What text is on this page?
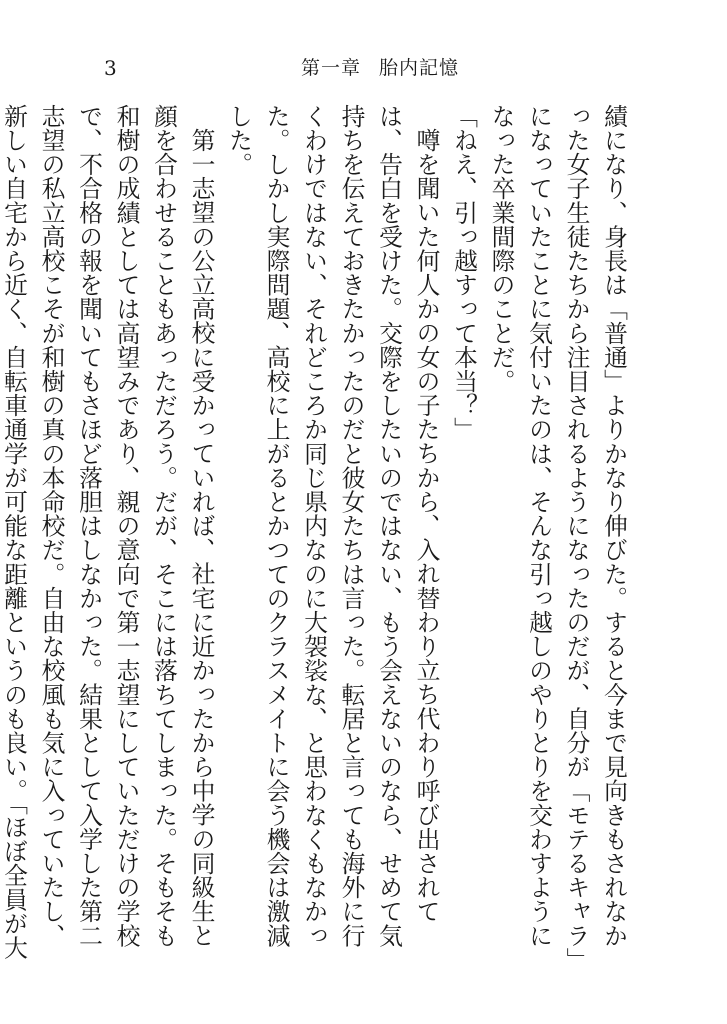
3	第一章 胎内記憶

績になり、身長は「普通」よりかなり伸びた。すると今まで見向きもされなかった女子生徒たちから注目されるようになったのだが、自分が「モテるキャラ」になっていたことに気付いたのは、そんな引っ越しのやりとりを交わすようになった卒業間際のことだ。

「ねえ、引っ越すって本当？」

噂を聞いた何人かの女の子たちから、入れ替わり立ち代わり呼び出されては、告白を受けた。交際をしたいのではない、もう会えないのなら、せめて気持ちを伝えておきたかったのだと彼女たちは言った。転居と言っても海外に行くわけではない、それどころか同じ県内なのに大袈裟な、と思わなくもなかった。しかし実際問題、高校に上がるとかつてのクラスメイトに会う機会は激減した。

第一志望の公立高校に受かっていれば、社宅に近かったから中学の同級生と顔を合わせることもあっただろう。だが、そこには落ちてしまった。そもそも和樹の成績としては高望みであり、親の意向で第一志望にしていただけの学校で、不合格の報を聞いてもさほど落胆はしなかった。結果として入学した第二志望の私立高校こそが和樹の真の本命校だ。自由な校風も気に入っていたし、新しい自宅から近く、自転車通学が可能な距離というのも良い。「ほぼ全員が大
